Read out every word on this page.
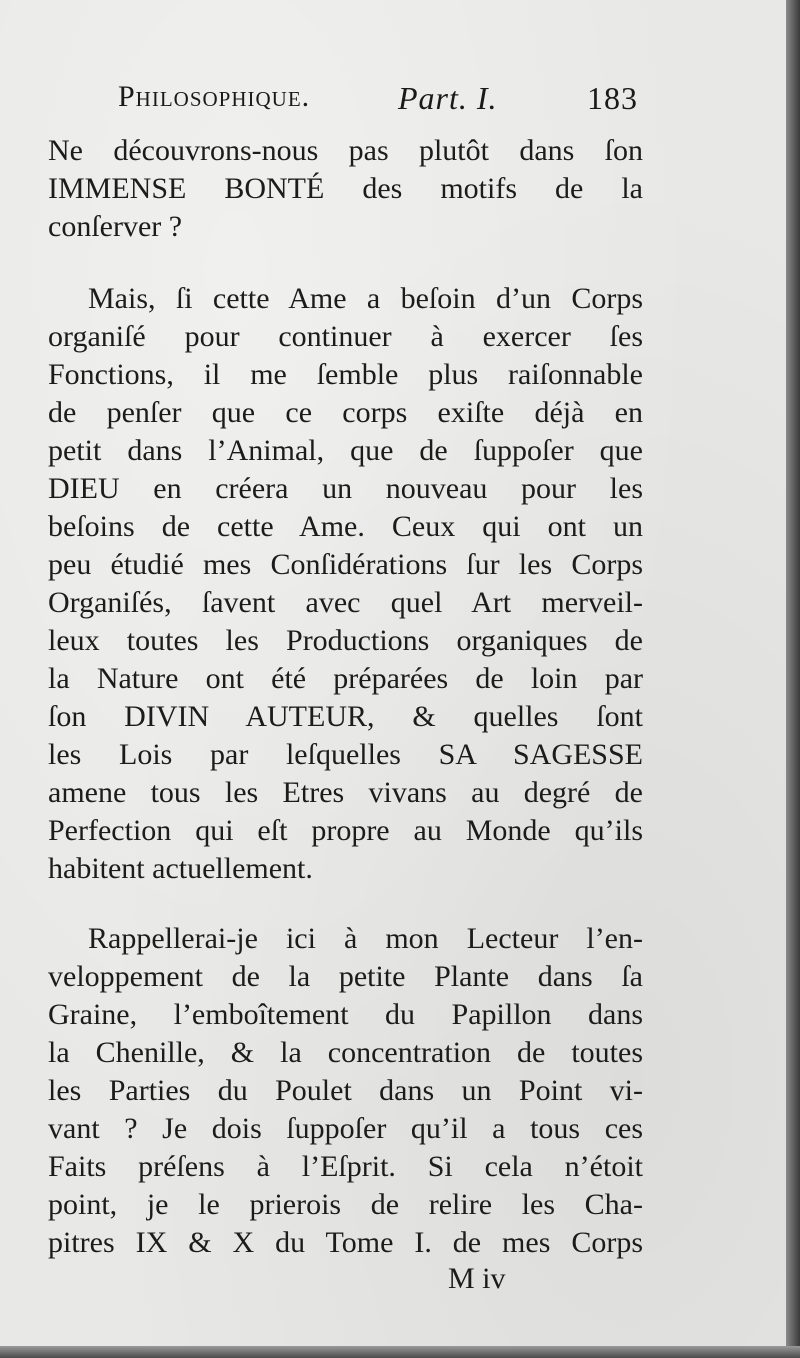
Philosophique.	Part. I.	183
Ne découvrons-nous pas plutôt dans ſon
IMMENSE BONTÉ des motifs de la
conſerver ?
Mais, ſi cette Ame a beſoin d’un Corps
organiſé pour continuer à exercer ſes
Fonctions, il me ſemble plus raiſonnable
de penſer que ce corps exiſte déjà en
petit dans l’Animal, que de ſuppoſer que
DIEU en créera un nouveau pour les
beſoins de cette Ame. Ceux qui ont un
peu étudié mes Conſidérations ſur les Corps
Organiſés, ſavent avec quel Art merveil-
leux toutes les Productions organiques de
la Nature ont été préparées de loin par
ſon DIVIN AUTEUR, & quelles ſont
les Lois par leſquelles SA SAGESSE
amene tous les Etres vivans au degré de
Perfection qui eſt propre au Monde qu’ils
habitent actuellement.
Rappellerai-je ici à mon Lecteur l’en-
veloppement de la petite Plante dans ſa
Graine, l’emboîtement du Papillon dans
la Chenille, & la concentration de toutes
les Parties du Poulet dans un Point vi-
vant ? Je dois ſuppoſer qu’il a tous ces
Faits préſens à l’Eſprit. Si cela n’étoit
point, je le prierois de relire les Cha-
pitres IX & X du Tome I. de mes Corps
M iv
